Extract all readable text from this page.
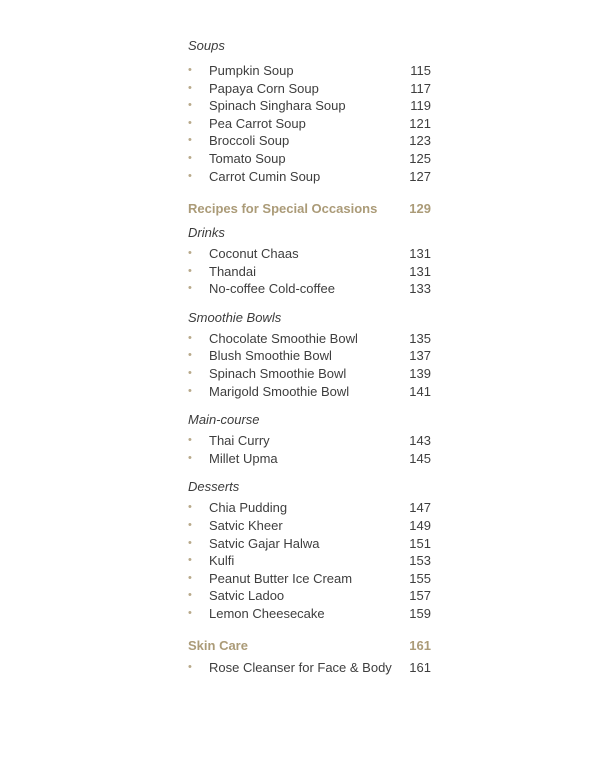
Soups
• Pumpkin Soup	115
• Papaya Corn Soup	117
• Spinach Singhara Soup	119
• Pea Carrot Soup	121
• Broccoli Soup	123
• Tomato Soup	125
• Carrot Cumin Soup	127
Recipes for Special Occasions 129
Drinks
• Coconut Chaas	131
• Thandai	131
• No-coffee Cold-coffee	133
Smoothie Bowls
• Chocolate Smoothie Bowl	135
• Blush Smoothie Bowl	137
• Spinach Smoothie Bowl	139
• Marigold Smoothie Bowl	141
Main-course
• Thai Curry	143
• Millet Upma	145
Desserts
• Chia Pudding	147
• Satvic Kheer	149
• Satvic Gajar Halwa	151
• Kulfi	153
• Peanut Butter Ice Cream	155
• Satvic Ladoo	157
• Lemon Cheesecake	159
Skin Care	161
• Rose Cleanser for Face & Body 161
